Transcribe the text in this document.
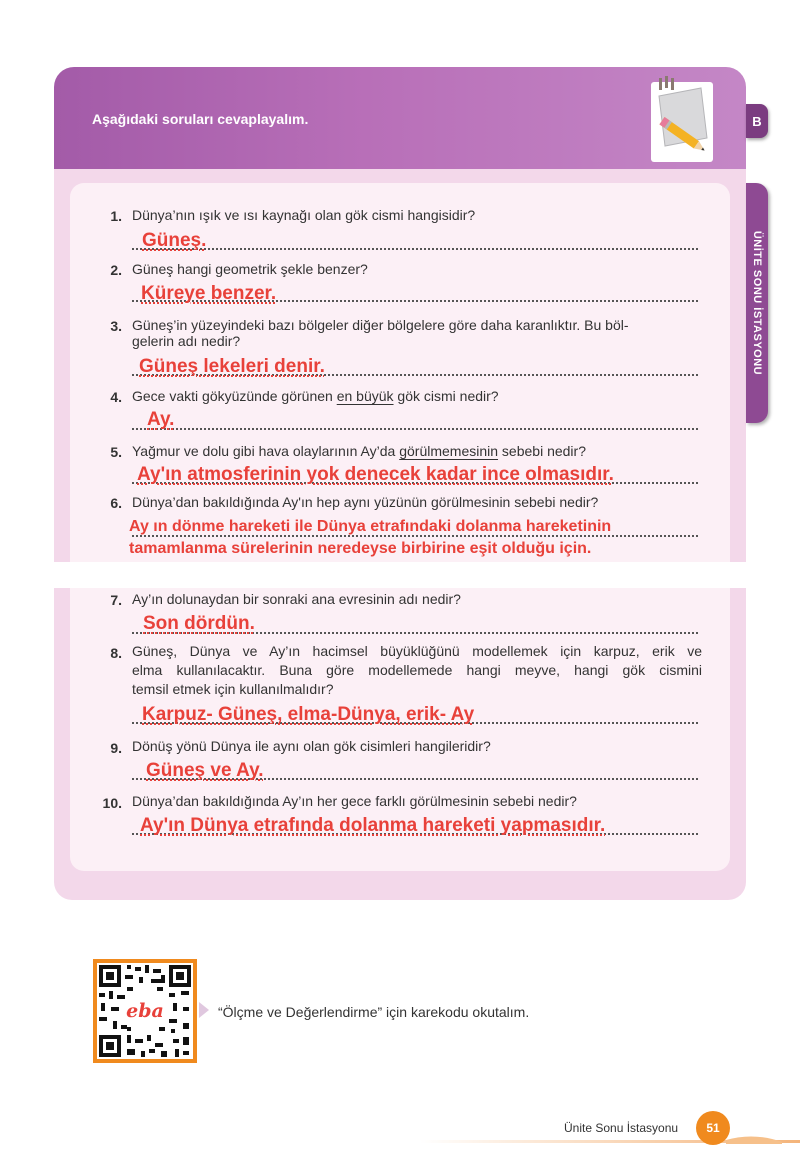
Aşağıdaki soruları cevaplayalım.	B
ÜNİTE SONU İSTASYONU
1. Dünya’nın ışık ve ısı kaynağı olan gök cismi hangisidir?
Güneş.
2. Güneş hangi geometrik şekle benzer?
Küreye benzer.
3. Güneş’in yüzeyindeki bazı bölgeler diğer bölgelere göre daha karanlıktır. Bu böl-
gelerin adı nedir?
Güneş lekeleri denir.
4. Gece vakti gökyüzünde görünen en büyük gök cismi nedir?
Ay.
5. Yağmur ve dolu gibi hava olaylarının Ay’da görülmemesinin sebebi nedir?
Ay'ın atmosferinin yok denecek kadar ince olmasıdır.
6. Dünya’dan bakıldığında Ay'ın hep aynı yüzünün görülmesinin sebebi nedir?
Ay ın dönme hareketi ile Dünya etrafındaki dolanma hareketinin
tamamlanma sürelerinin neredeyse birbirine eşit olduğu için.
7. Ay’ın dolunaydan bir sonraki ana evresinin adı nedir?
Son dördün.
8. Güneş, Dünya ve Ay’ın hacimsel büyüklüğünü modellemek için karpuz, erik ve
elma kullanılacaktır. Buna göre modellemede hangi meyve, hangi gök cismini
temsil etmek için kullanılmalıdır?
Karpuz- Güneş, elma-Dünya, erik- Ay
9. Dönüş yönü Dünya ile aynı olan gök cisimleri hangileridir?
Güneş ve Ay.
10. Dünya’dan bakıldığında Ay’ın her gece farklı görülmesinin sebebi nedir?
Ay'ın Dünya etrafında dolanma hareketi yapmasıdır.
eba	“Ölçme ve Değerlendirme” için karekodu okutalım.
Ünite Sonu İstasyonu	51
